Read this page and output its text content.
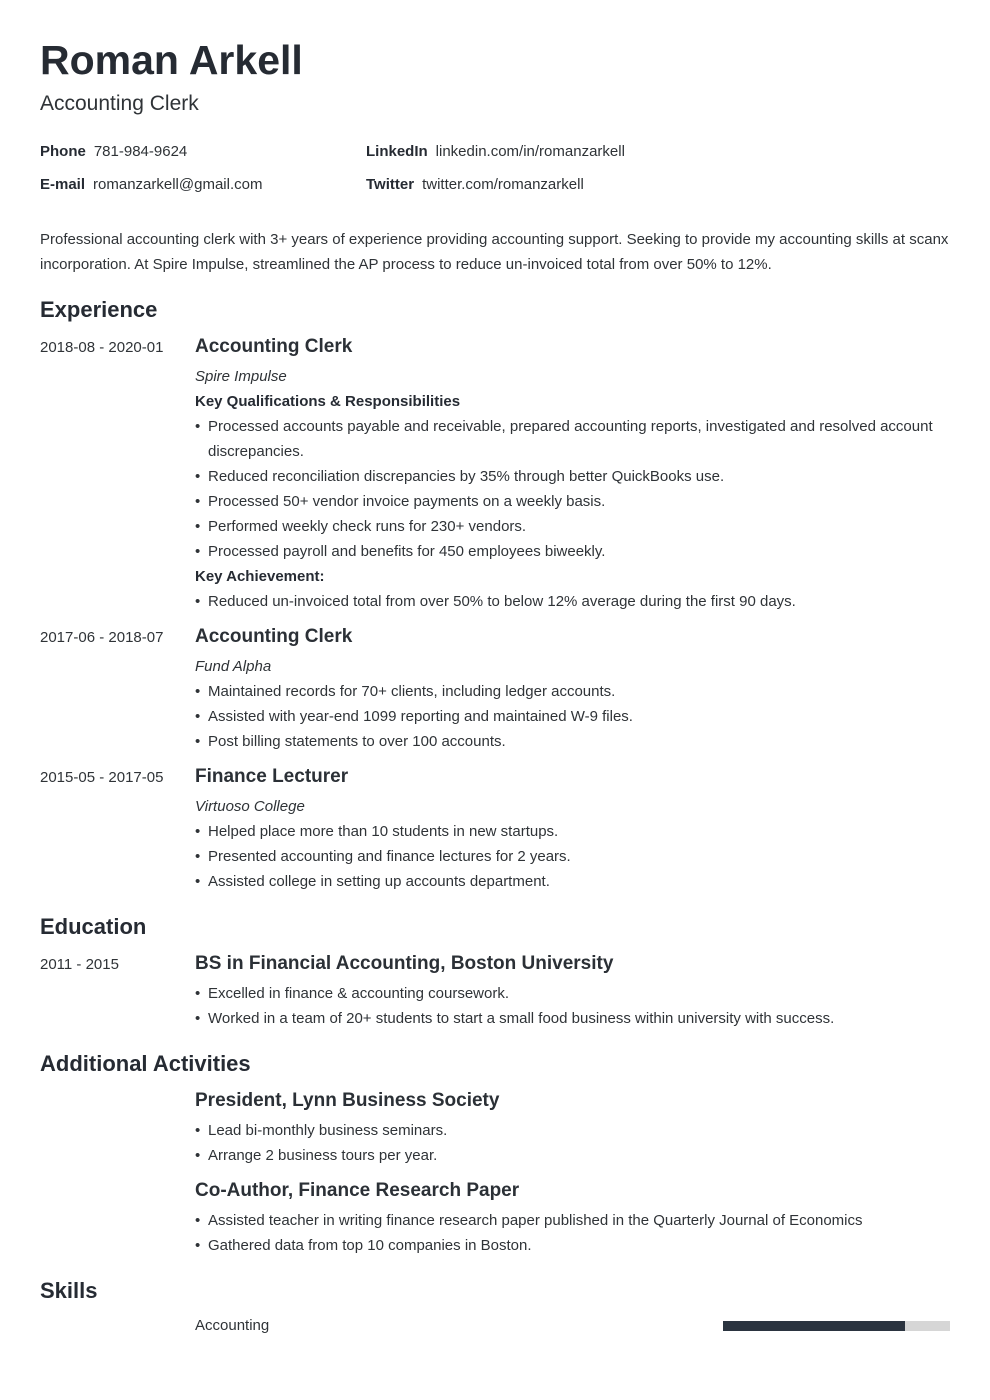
Roman Arkell
Accounting Clerk
Phone 781-984-9624
E-mail romanzarkell@gmail.com
LinkedIn linkedin.com/in/romanzarkell
Twitter twitter.com/romanzarkell
Professional accounting clerk with 3+ years of experience providing accounting support. Seeking to provide my accounting skills at scanx incorporation. At Spire Impulse, streamlined the AP process to reduce un-invoiced total from over 50% to 12%.
Experience
2018-08 - 2020-01 Accounting Clerk
Spire Impulse
Key Qualifications & Responsibilities
• Processed accounts payable and receivable, prepared accounting reports, investigated and resolved account discrepancies.
• Reduced reconciliation discrepancies by 35% through better QuickBooks use.
• Processed 50+ vendor invoice payments on a weekly basis.
• Performed weekly check runs for 230+ vendors.
• Processed payroll and benefits for 450 employees biweekly.
Key Achievement:
• Reduced un-invoiced total from over 50% to below 12% average during the first 90 days.
2017-06 - 2018-07 Accounting Clerk
Fund Alpha
• Maintained records for 70+ clients, including ledger accounts.
• Assisted with year-end 1099 reporting and maintained W-9 files.
• Post billing statements to over 100 accounts.
2015-05 - 2017-05 Finance Lecturer
Virtuoso College
• Helped place more than 10 students in new startups.
• Presented accounting and finance lectures for 2 years.
• Assisted college in setting up accounts department.
Education
2011 - 2015	BS in Financial Accounting, Boston University
• Excelled in finance & accounting coursework.
• Worked in a team of 20+ students to start a small food business within university with success.
Additional Activities
President, Lynn Business Society
• Lead bi-monthly business seminars.
• Arrange 2 business tours per year.
Co-Author, Finance Research Paper
• Assisted teacher in writing finance research paper published in the Quarterly Journal of Economics
• Gathered data from top 10 companies in Boston.
Skills
Accounting
